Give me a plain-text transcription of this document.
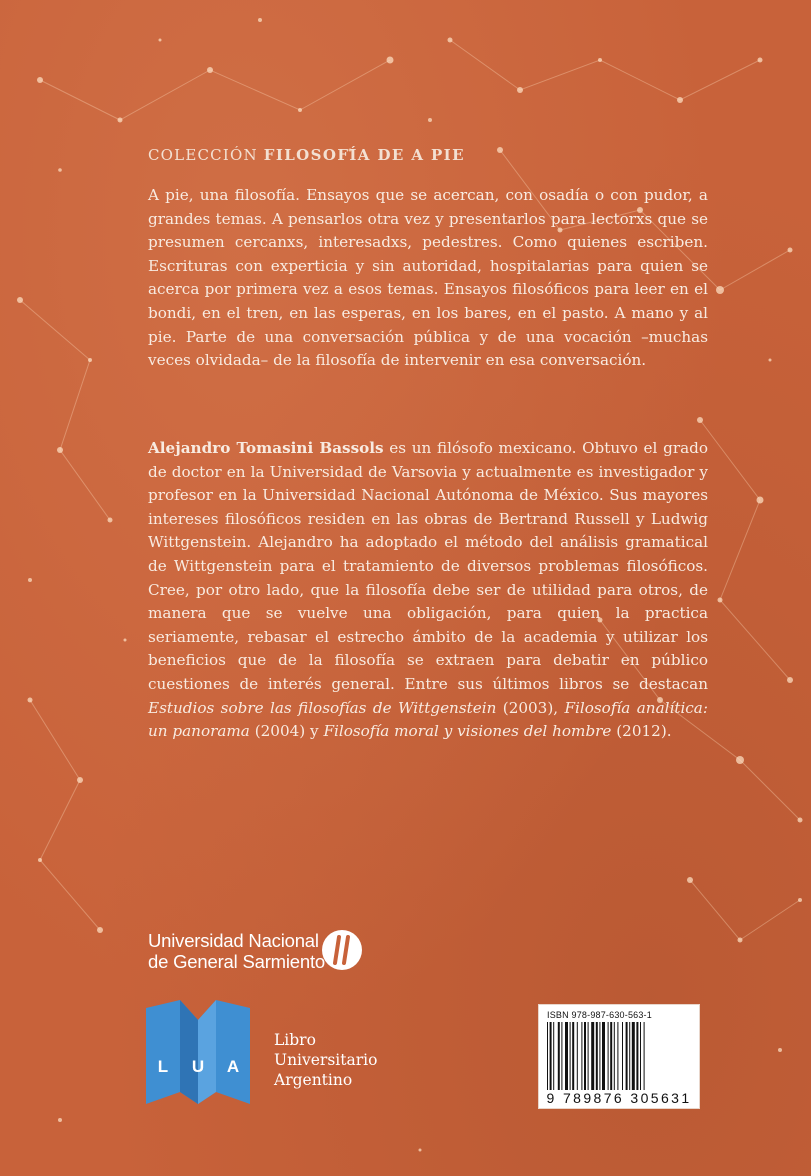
COLECCIÓN FILOSOFÍA DE A PIE
A pie, una filosofía. Ensayos que se acercan, con osadía o con pudor, a grandes temas. A pensarlos otra vez y presentarlos para lectorxs que se presumen cercanxs, interesadxs, pedestres. Como quienes escriben. Escrituras con experticia y sin autoridad, hospitalarias para quien se acerca por primera vez a esos temas. Ensayos filosóficos para leer en el bondi, en el tren, en las esperas, en los bares, en el pasto. A mano y al pie. Parte de una conversación pública y de una vocación –muchas veces olvidada– de la filosofía de intervenir en esa conversación.
Alejandro Tomasini Bassols es un filósofo mexicano. Obtuvo el grado de doctor en la Universidad de Varsovia y actualmente es investigador y profesor en la Universidad Nacional Autónoma de México. Sus mayores intereses filosóficos residen en las obras de Bertrand Russell y Ludwig Wittgenstein. Alejandro ha adoptado el método del análisis gramatical de Wittgenstein para el tratamiento de diversos problemas filosóficos. Cree, por otro lado, que la filosofía debe ser de utilidad para otros, de manera que se vuelve una obligación, para quien la practica seriamente, rebasar el estrecho ámbito de la academia y utilizar los beneficios que de la filosofía se extraen para debatir en público cuestiones de interés general. Entre sus últimos libros se destacan Estudios sobre las filosofías de Wittgenstein (2003), Filosofía analítica: un panorama (2004) y Filosofía moral y visiones del hombre (2012).
Universidad Nacional
de General Sarmiento
L U A
Libro
Universitario
Argentino
ISBN 978-987-630-563-1
9 789876 305631
